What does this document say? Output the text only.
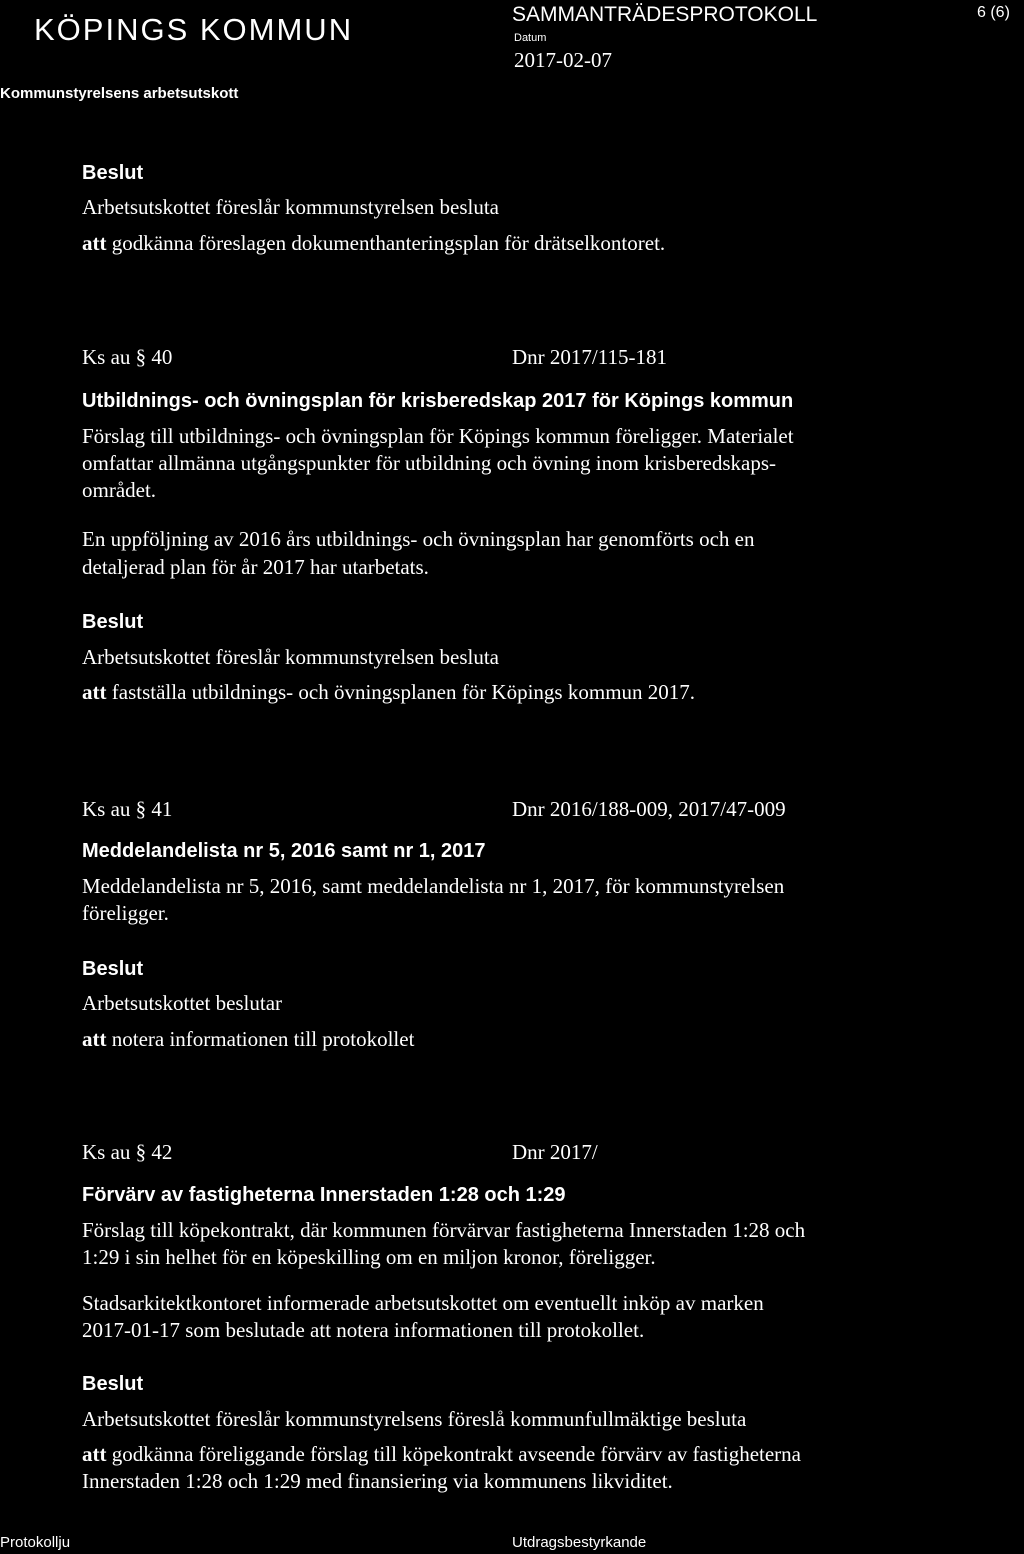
KÖPINGS KOMMUN
Kommunstyrelsens arbetsutskott
SAMMANTRÄDESPROTOKOLL
Datum
2017-02-07
6 (6)
Beslut
Arbetsutskottet föreslår kommunstyrelsen besluta
att godkänna föreslagen dokumenthanteringsplan för drätselkontoret.
Ks au § 40	Dnr 2017/115-181
Utbildnings- och övningsplan för krisberedskap 2017 för Köpings kommun
Förslag till utbildnings- och övningsplan för Köpings kommun föreligger. Materialet
omfattar allmänna utgångspunkter för utbildning och övning inom krisberedskaps-
området.
En uppföljning av 2016 års utbildnings- och övningsplan har genomförts och en
detaljerad plan för år 2017 har utarbetats.
Beslut
Arbetsutskottet föreslår kommunstyrelsen besluta
att fastställa utbildnings- och övningsplanen för Köpings kommun 2017.
Ks au § 41	Dnr 2016/188-009, 2017/47-009
Meddelandelista nr 5, 2016 samt nr 1, 2017
Meddelandelista nr 5, 2016, samt meddelandelista nr 1, 2017, för kommunstyrelsen
föreligger.
Beslut
Arbetsutskottet beslutar
att notera informationen till protokollet
Ks au § 42	Dnr 2017/
Förvärv av fastigheterna Innerstaden 1:28 och 1:29
Förslag till köpekontrakt, där kommunen förvärvar fastigheterna Innerstaden 1:28 och
1:29 i sin helhet för en köpeskilling om en miljon kronor, föreligger.
Stadsarkitektkontoret informerade arbetsutskottet om eventuellt inköp av marken
2017-01-17 som beslutade att notera informationen till protokollet.
Beslut
Arbetsutskottet föreslår kommunstyrelsens föreslå kommunfullmäktige besluta
att godkänna föreliggande förslag till köpekontrakt avseende förvärv av fastigheterna
Innerstaden 1:28 och 1:29 med finansiering via kommunens likviditet.
Protokollju	Utdragsbestyrkande
